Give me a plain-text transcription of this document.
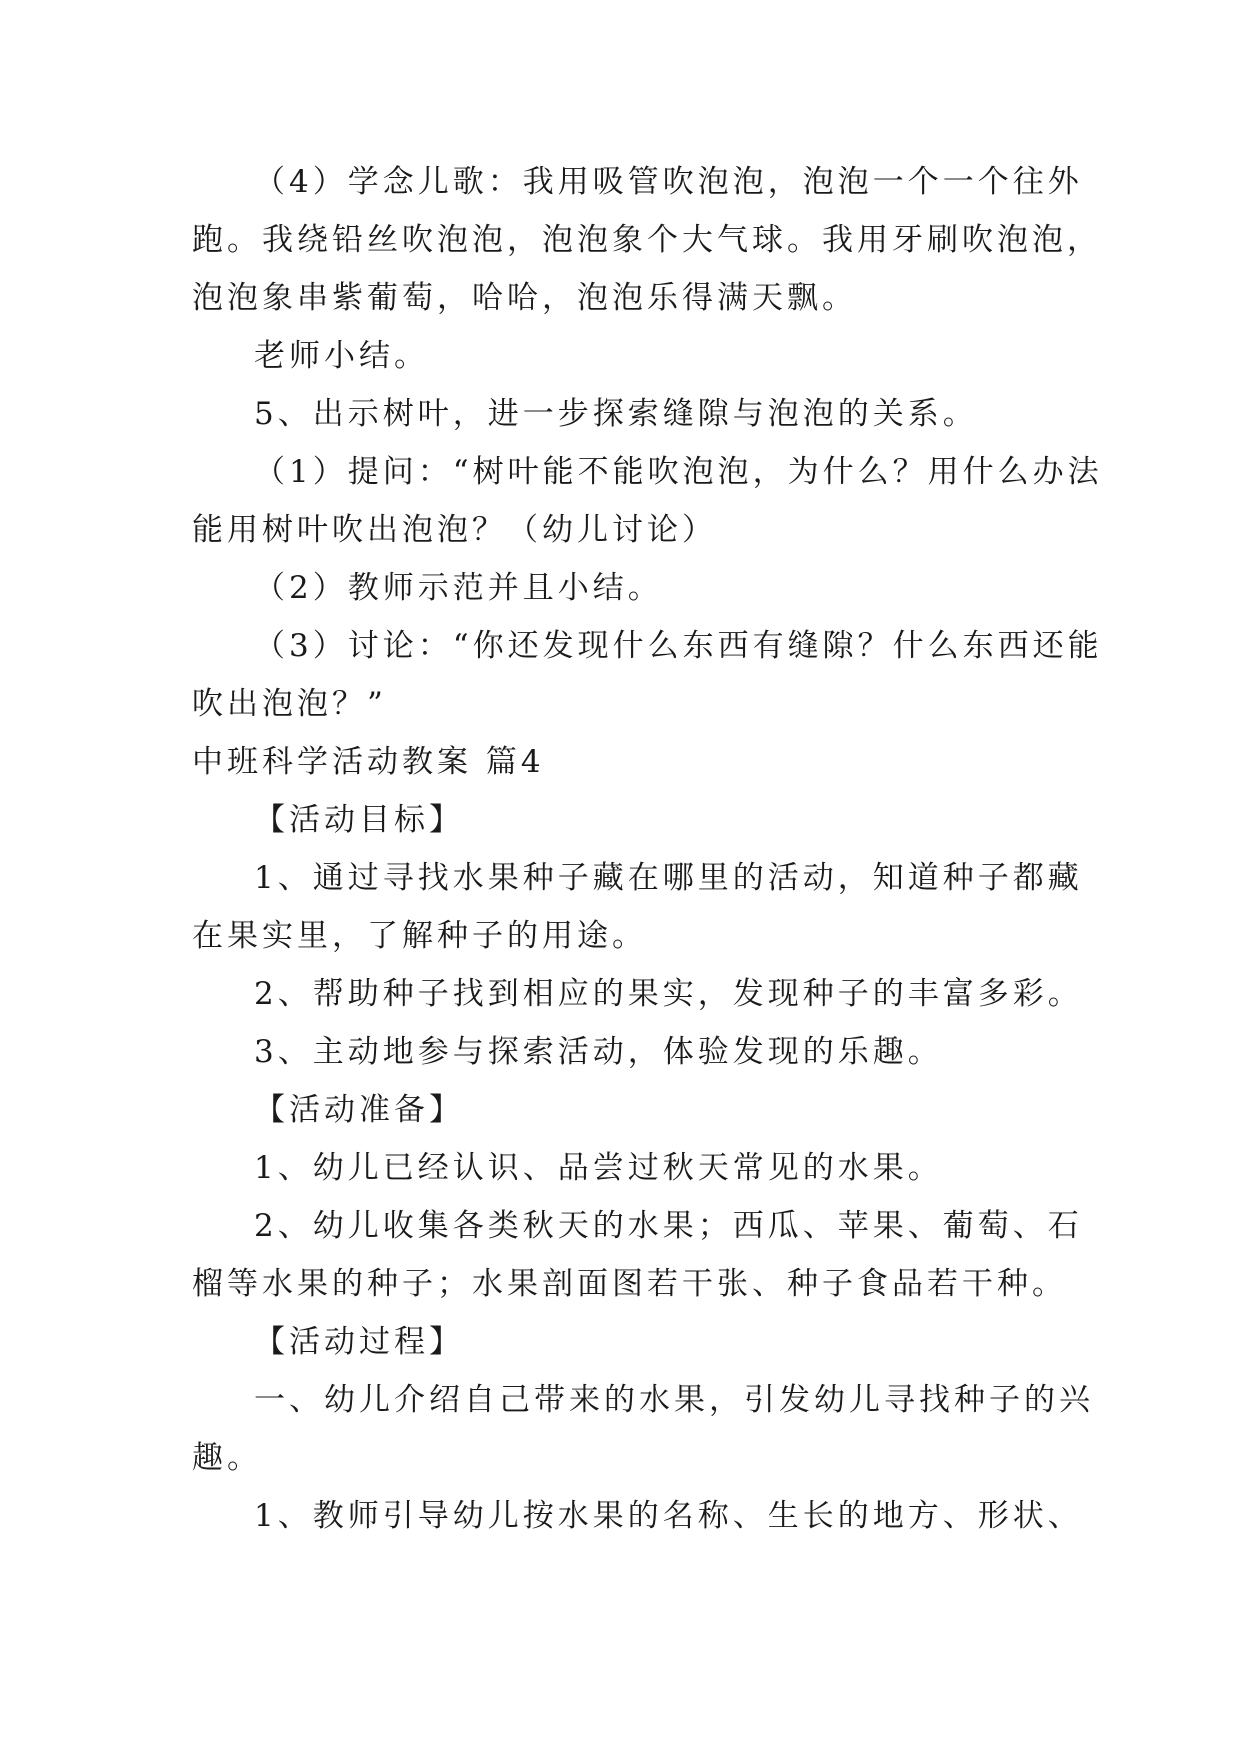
（4）学念儿歌：我用吸管吹泡泡，泡泡一个一个往外
跑。我绕铅丝吹泡泡，泡泡象个大气球。我用牙刷吹泡泡，
泡泡象串紫葡萄，哈哈，泡泡乐得满天飘。
老师小结。
5、出示树叶，进一步探索缝隙与泡泡的关系。
（1）提问：“树叶能不能吹泡泡，为什么？用什么办法
能用树叶吹出泡泡？（幼儿讨论）
（2）教师示范并且小结。
（3）讨论：“你还发现什么东西有缝隙？什么东西还能
吹出泡泡？”
中班科学活动教案 篇4
【活动目标】
1、通过寻找水果种子藏在哪里的活动，知道种子都藏
在果实里，了解种子的用途。
2、帮助种子找到相应的果实，发现种子的丰富多彩。
3、主动地参与探索活动，体验发现的乐趣。
【活动准备】
1、幼儿已经认识、品尝过秋天常见的水果。
2、幼儿收集各类秋天的水果；西瓜、苹果、葡萄、石
榴等水果的种子；水果剖面图若干张、种子食品若干种。
【活动过程】
一、幼儿介绍自己带来的水果，引发幼儿寻找种子的兴
趣。
1、教师引导幼儿按水果的名称、生长的地方、形状、
